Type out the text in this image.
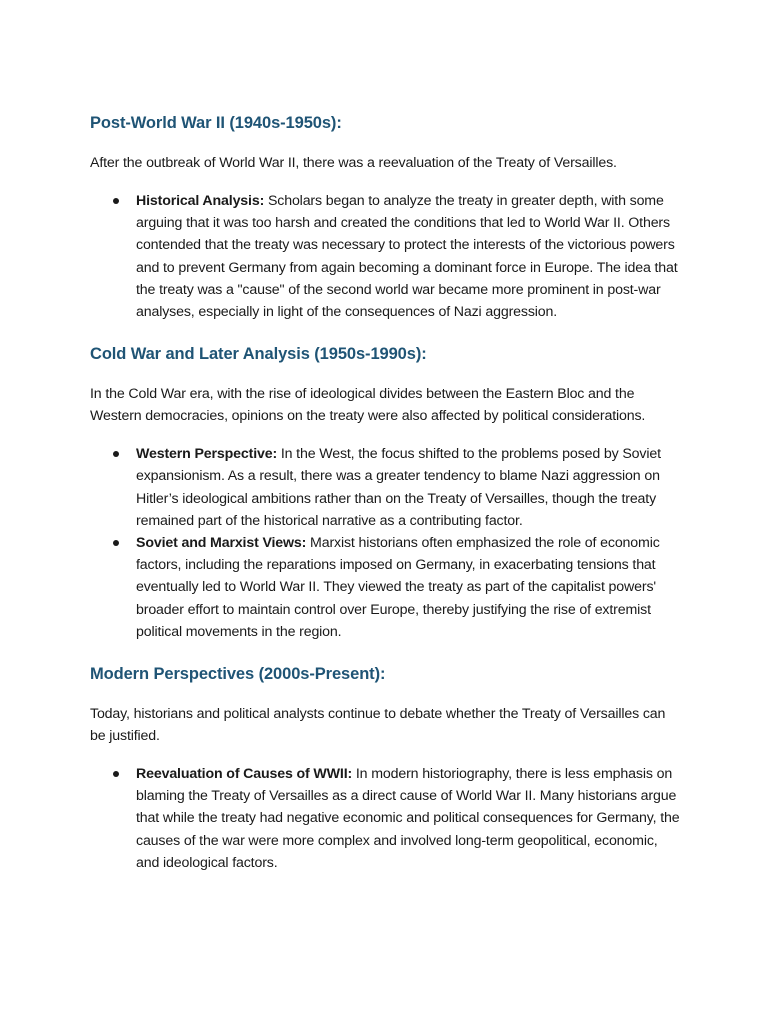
Post-World War II (1940s-1950s):

After the outbreak of World War II, there was a reevaluation of the Treaty of Versailles.

Historical Analysis: Scholars began to analyze the treaty in greater depth, with some arguing that it was too harsh and created the conditions that led to World War II. Others contended that the treaty was necessary to protect the interests of the victorious powers and to prevent Germany from again becoming a dominant force in Europe. The idea that the treaty was a "cause" of the second world war became more prominent in post-war analyses, especially in light of the consequences of Nazi aggression.
Cold War and Later Analysis (1950s-1990s):

In the Cold War era, with the rise of ideological divides between the Eastern Bloc and the Western democracies, opinions on the treaty were also affected by political considerations.

Western Perspective: In the West, the focus shifted to the problems posed by Soviet expansionism. As a result, there was a greater tendency to blame Nazi aggression on Hitler’s ideological ambitions rather than on the Treaty of Versailles, though the treaty remained part of the historical narrative as a contributing factor.
Soviet and Marxist Views: Marxist historians often emphasized the role of economic factors, including the reparations imposed on Germany, in exacerbating tensions that eventually led to World War II. They viewed the treaty as part of the capitalist powers' broader effort to maintain control over Europe, thereby justifying the rise of extremist political movements in the region.
Modern Perspectives (2000s-Present):

Today, historians and political analysts continue to debate whether the Treaty of Versailles can be justified.

Reevaluation of Causes of WWII: In modern historiography, there is less emphasis on blaming the Treaty of Versailles as a direct cause of World War II. Many historians argue that while the treaty had negative economic and political consequences for Germany, the causes of the war were more complex and involved long-term geopolitical, economic, and ideological factors.
